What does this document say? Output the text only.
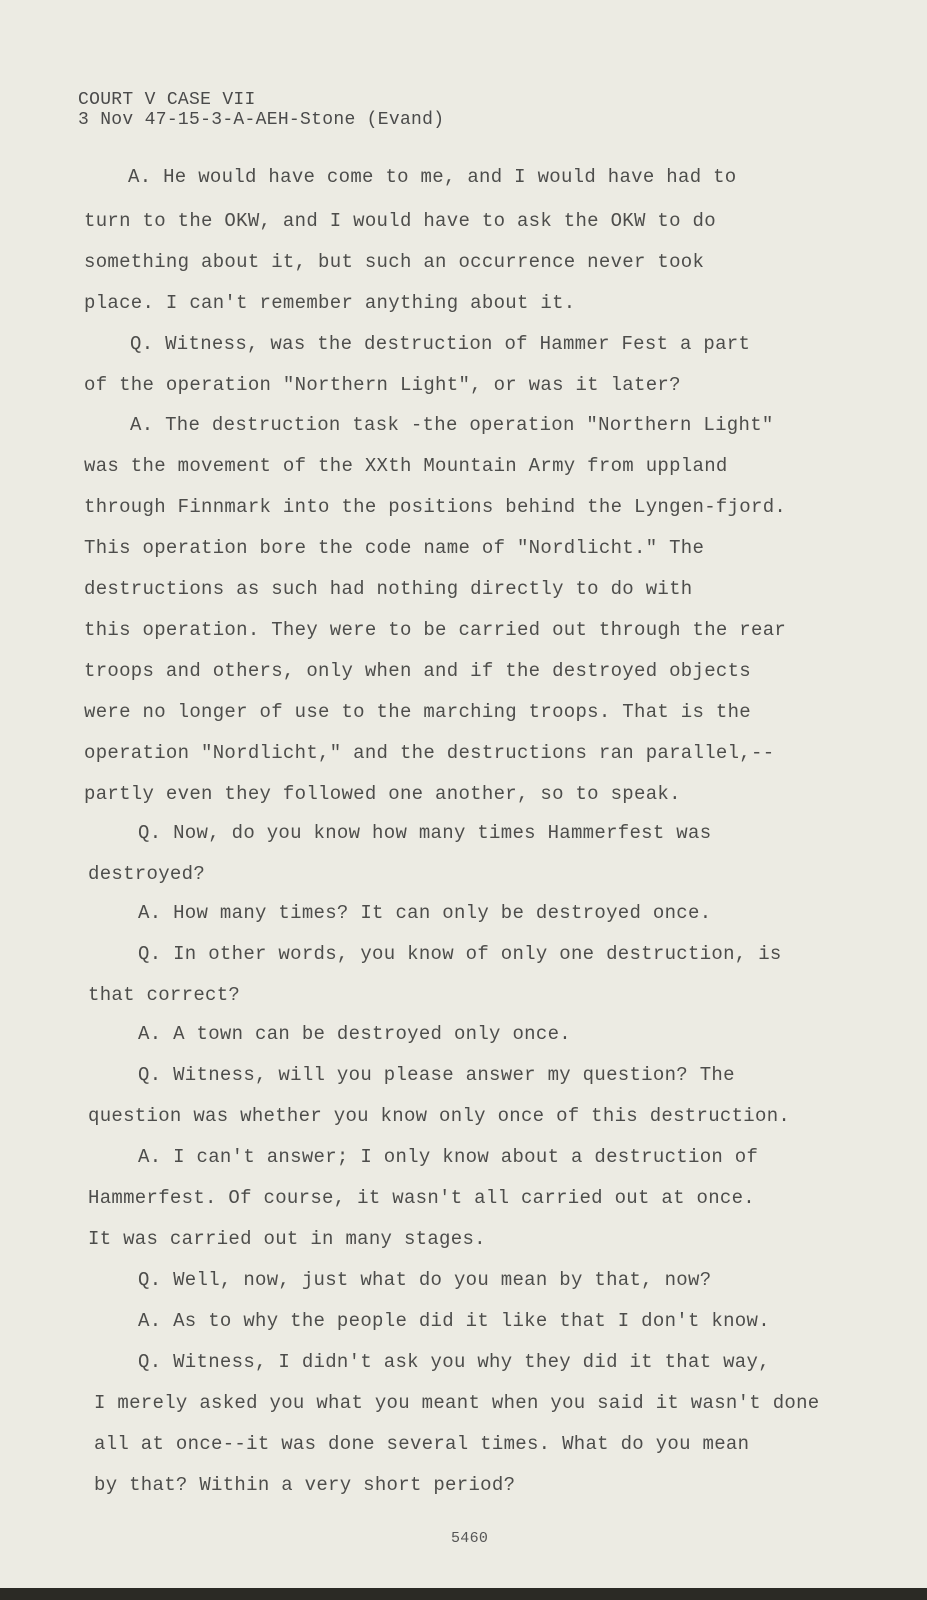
COURT V CASE VII
3 Nov 47-15-3-A-AEH-Stone (Evand)
A. He would have come to me, and I would have had to
turn to the OKW, and I would have to ask the OKW to do
something about it, but such an occurrence never took
place. I can't remember anything about it.
Q. Witness, was the destruction of Hammer Fest a part
of the operation "Northern Light", or was it later?
A. The destruction task -the operation "Northern Light"
was the movement of the XXth Mountain Army from uppland
through Finnmark into the positions behind the Lyngen-fjord.
This operation bore the code name of "Nordlicht." The
destructions as such had nothing directly to do with
this operation. They were to be carried out through the rear
troops and others, only when and if the destroyed objects
were no longer of use to the marching troops. That is the
operation "Nordlicht," and the destructions ran parallel,--
partly even they followed one another, so to speak.
Q. Now, do you know how many times Hammerfest was
destroyed?
A. How many times? It can only be destroyed once.
Q. In other words, you know of only one destruction, is
that correct?
A. A town can be destroyed only once.
Q. Witness, will you please answer my question? The
question was whether you know only once of this destruction.
A. I can't answer; I only know about a destruction of
Hammerfest. Of course, it wasn't all carried out at once.
It was carried out in many stages.
Q. Well, now, just what do you mean by that, now?
A. As to why the people did it like that I don't know.
Q. Witness, I didn't ask you why they did it that way,
I merely asked you what you meant when you said it wasn't done
all at once--it was done several times. What do you mean
by that? Within a very short period?
5460
